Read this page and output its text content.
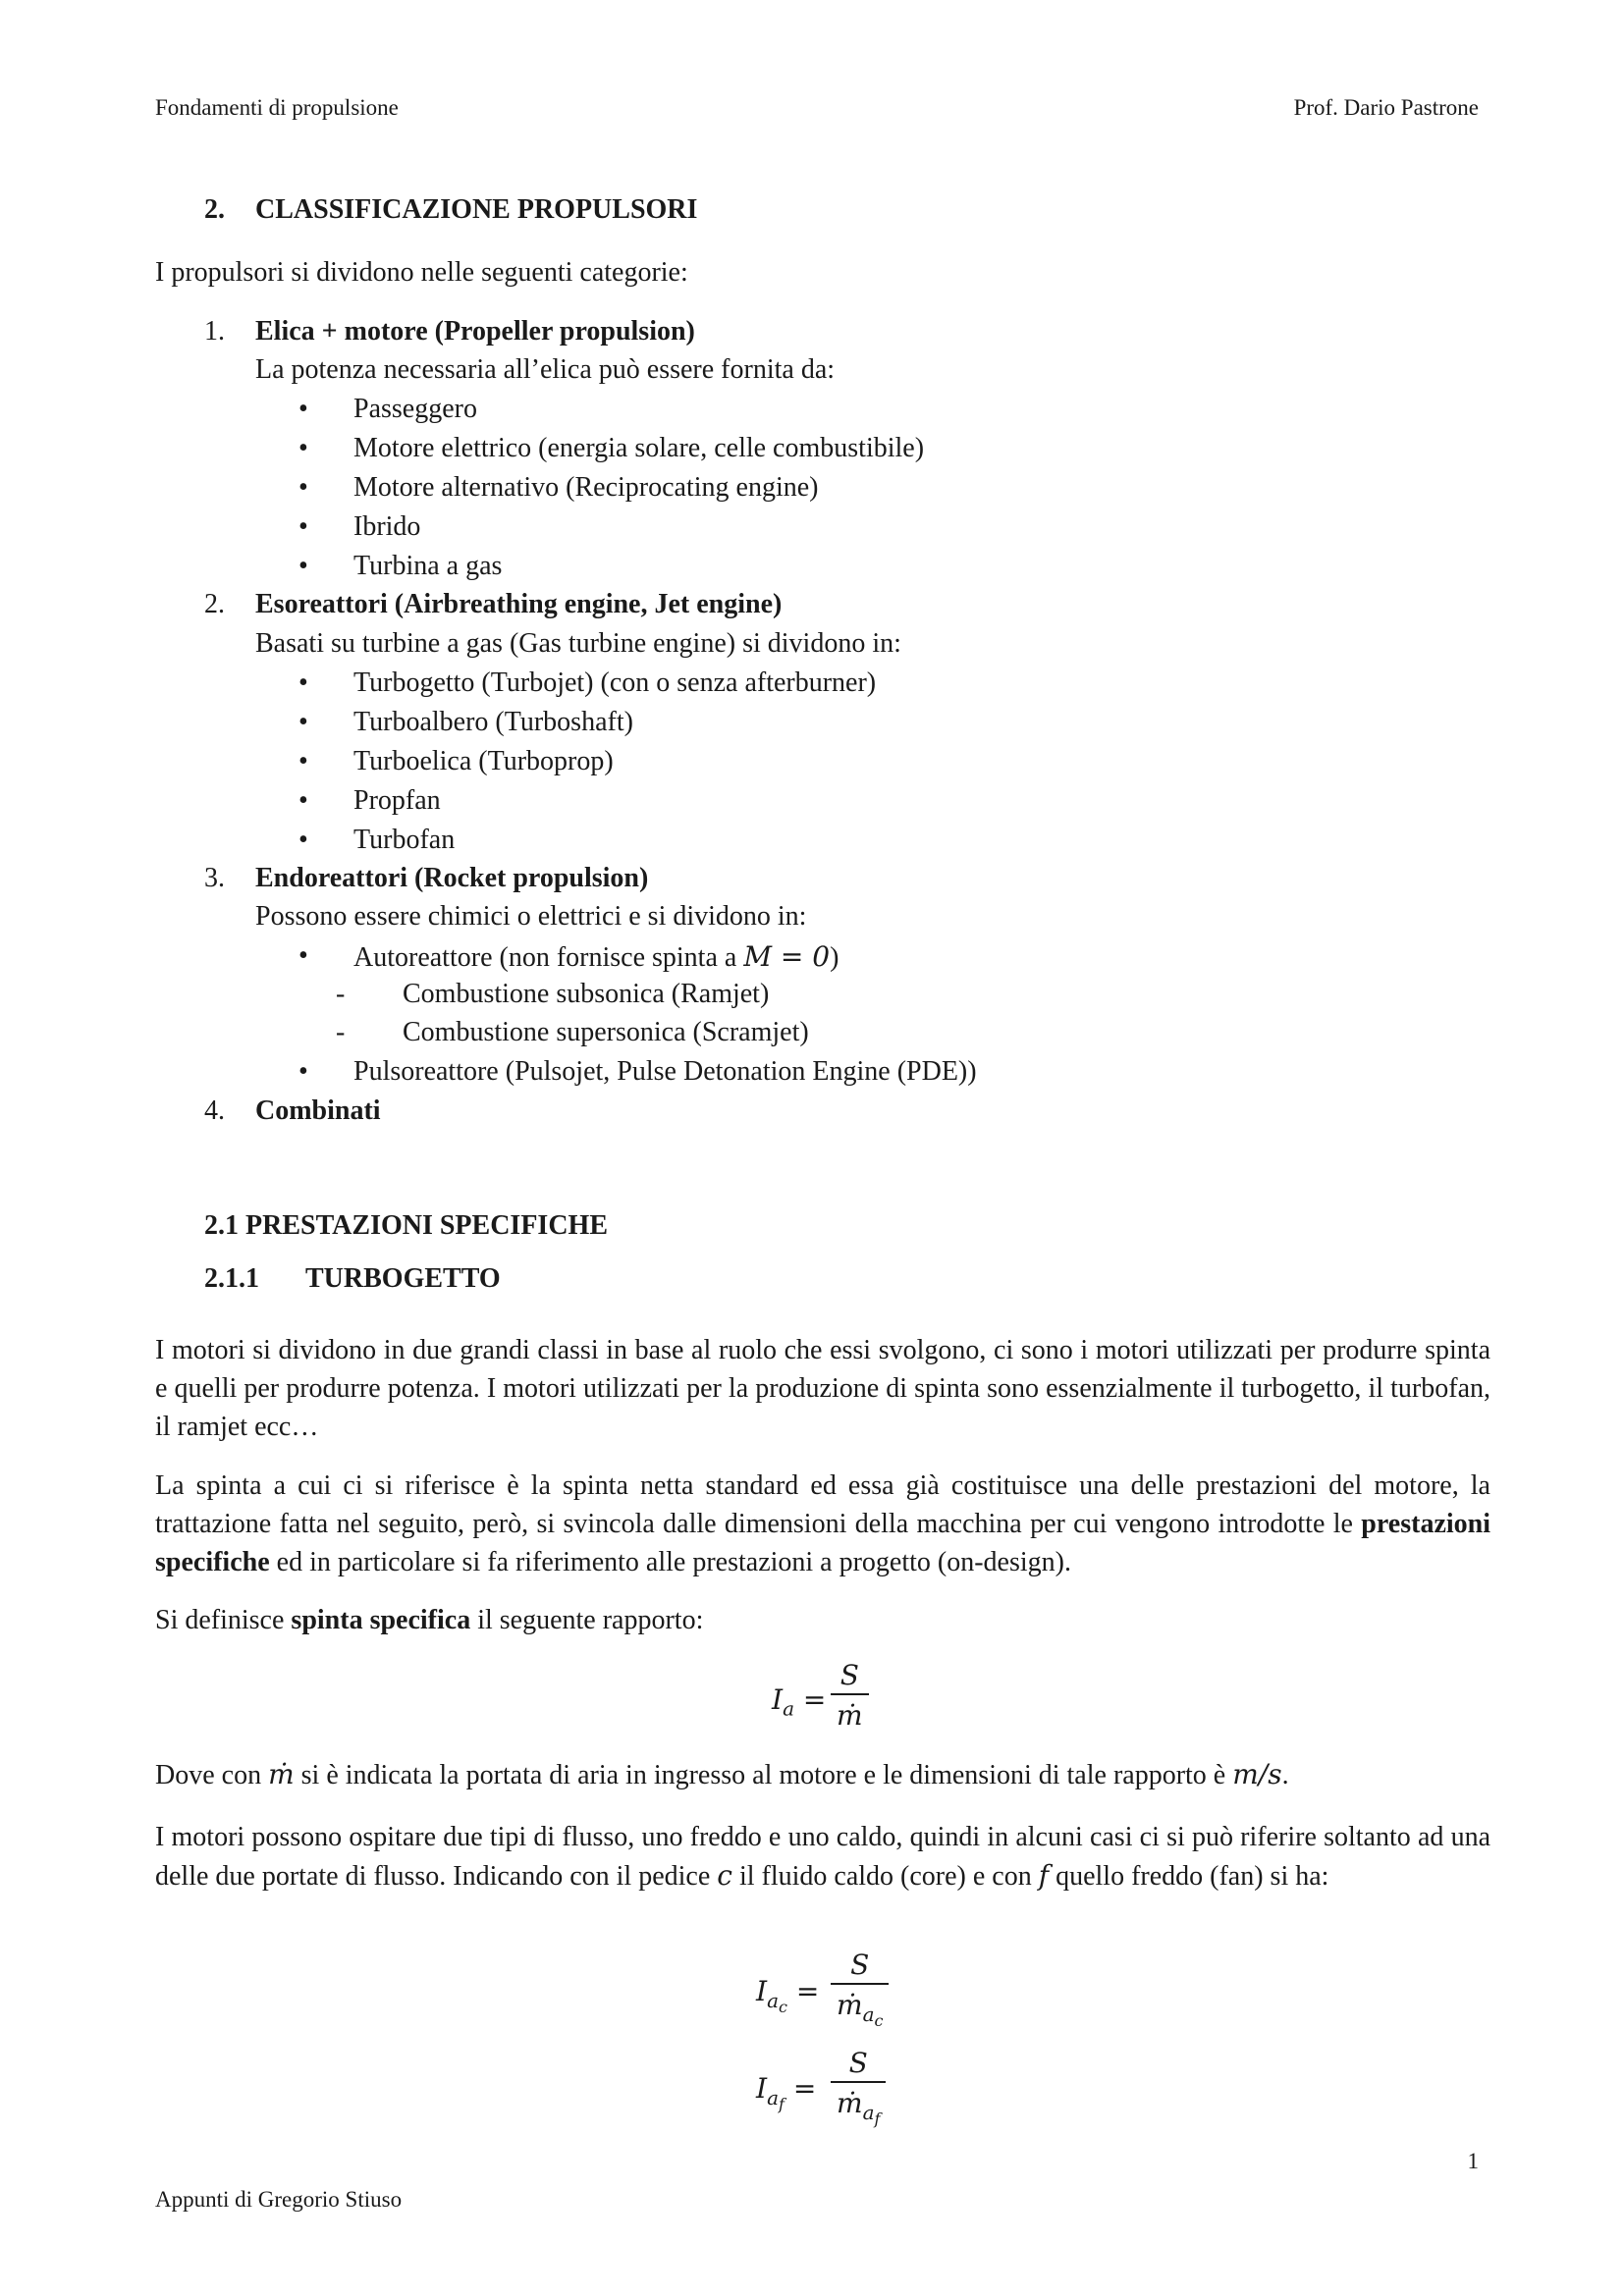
Fondamenti di propulsione	Prof. Dario Pastrone
2. CLASSIFICAZIONE PROPULSORI
I propulsori si dividono nelle seguenti categorie:
1. Elica + motore (Propeller propulsion)
La potenza necessaria all’elica può essere fornita da:
• Passeggero
• Motore elettrico (energia solare, celle combustibile)
• Motore alternativo (Reciprocating engine)
• Ibrido
• Turbina a gas
2. Esoreattori (Airbreathing engine, Jet engine)
Basati su turbine a gas (Gas turbine engine) si dividono in:
• Turbogetto (Turbojet) (con o senza afterburner)
• Turboalbero (Turboshaft)
• Turboelica (Turboprop)
• Propfan
• Turbofan
3. Endoreattori (Rocket propulsion)
Possono essere chimici o elettrici e si dividono in:
• Autoreattore (non fornisce spinta a M = 0)
- Combustione subsonica (Ramjet)
- Combustione supersonica (Scramjet)
• Pulsoreattore (Pulsojet, Pulse Detonation Engine (PDE))
4. Combinati
2.1 PRESTAZIONI SPECIFICHE
2.1.1 TURBOGETTO
I motori si dividono in due grandi classi in base al ruolo che essi svolgono, ci sono i motori utilizzati per produrre spinta e quelli per produrre potenza. I motori utilizzati per la produzione di spinta sono essenzialmente il turbogetto, il turbofan, il ramjet ecc…
La spinta a cui ci si riferisce è la spinta netta standard ed essa già costituisce una delle prestazioni del motore, la trattazione fatta nel seguito, però, si svincola dalle dimensioni della macchina per cui vengono introdotte le prestazioni specifiche ed in particolare si fa riferimento alle prestazioni a progetto (on-design).
Si definisce spinta specifica il seguente rapporto:
$I_a = \frac{S}{\text{ṁ}}$
Dove con ṁ si è indicata la portata di aria in ingresso al motore e le dimensioni di tale rapporto è m/s.
I motori possono ospitare due tipi di flusso, uno freddo e uno caldo, quindi in alcuni casi ci si può riferire soltanto ad una delle due portate di flusso. Indicando con il pedice c il fluido caldo (core) e con f quello freddo (fan) si ha:
$I_{a_c}$ =
S
ṁ$_{a_c}$
$I_{a_f}$ =
S
ṁ$_{a_f}$
1
Appunti di Gregorio Stiuso
